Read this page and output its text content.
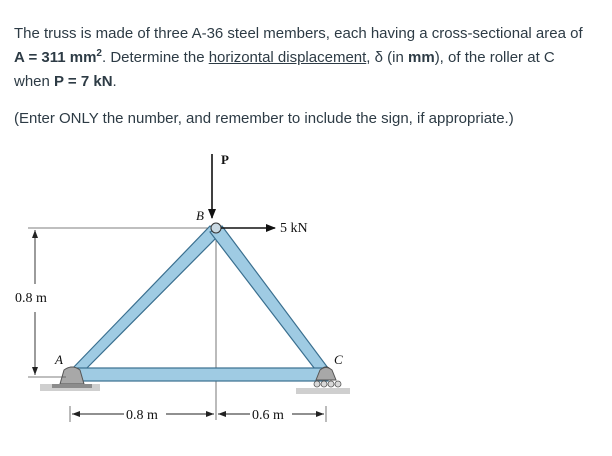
The truss is made of three A-36 steel members, each having a cross-sectional area of
A = 311 $mm^2$. Determine the horizontal displacement, δ (in mm), of the roller at C
when P = 7 kN.

(Enter ONLY the number, and remember to include the sign, if appropriate.)

P
5 kN
B
A	C
0.8 m
0.8 m	0.6 m
